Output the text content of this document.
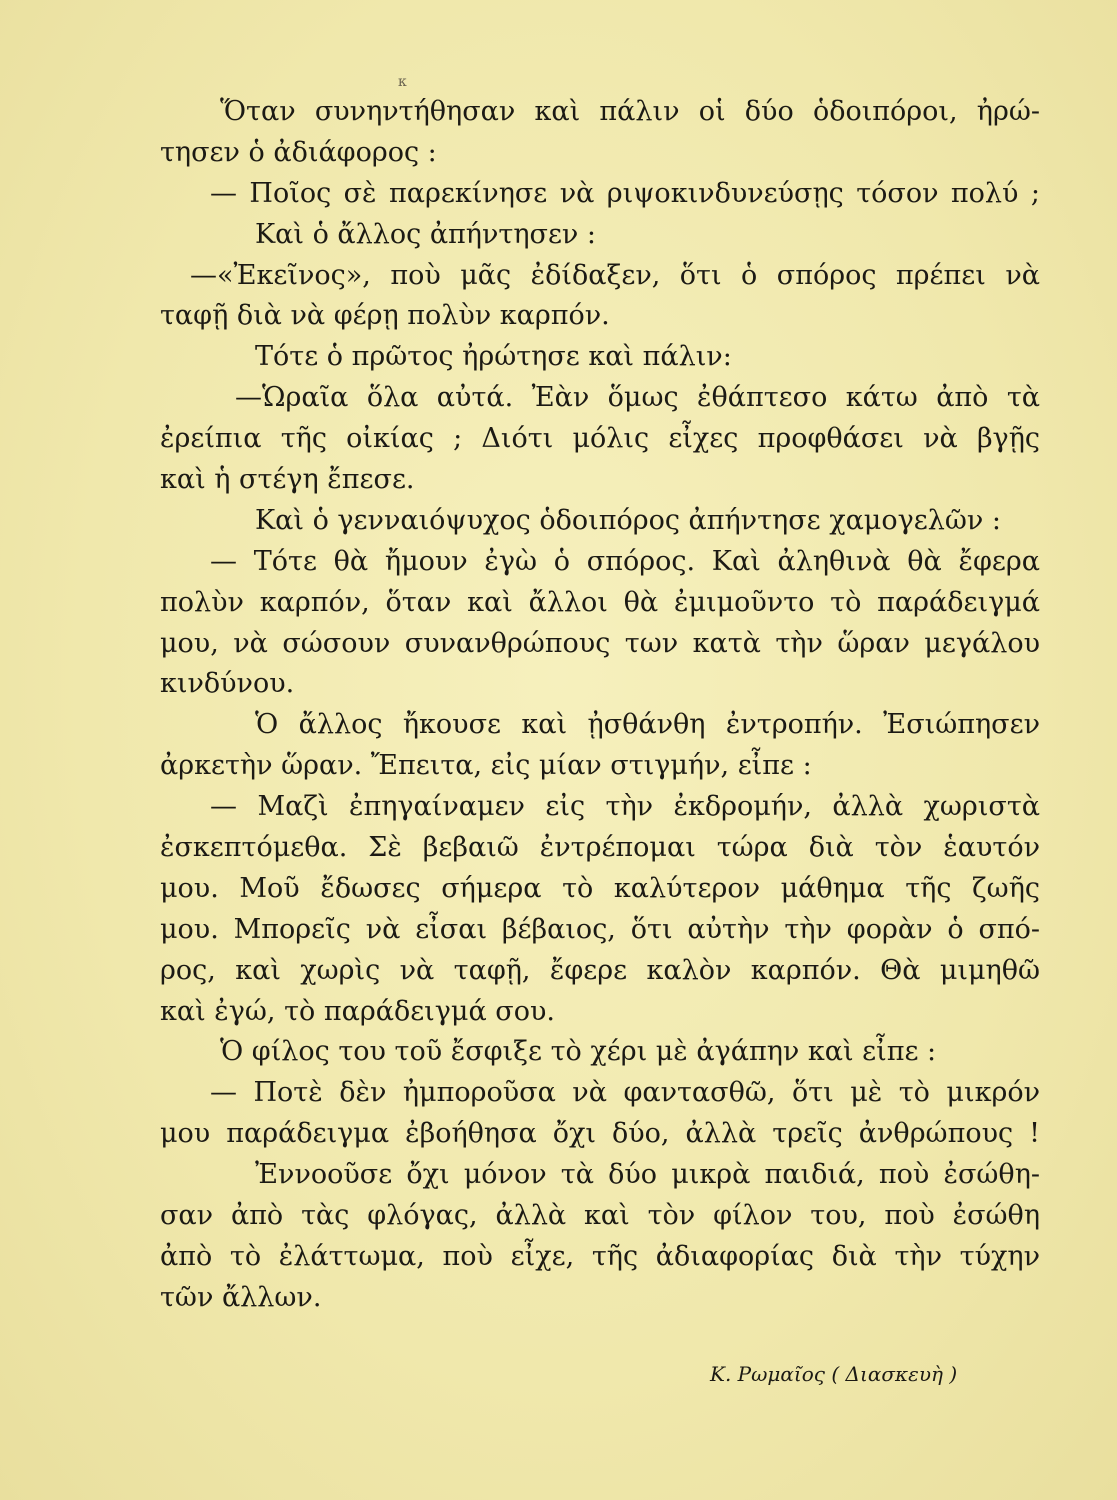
κ
Ὅταν συνηντήθησαν καὶ πάλιν οἱ δύο ὁδοιπόροι, ἠρώ-
τησεν ὁ ἀδιάφορος :
— Ποῖος σὲ παρεκίνησε νὰ ριψοκινδυνεύσῃς τόσον πολύ ;
Καὶ ὁ ἄλλος ἀπήντησεν :
—«Ἐκεῖνος», ποὺ μᾶς ἐδίδαξεν, ὅτι ὁ σπόρος πρέπει νὰ
ταφῇ διὰ νὰ φέρῃ πολὺν καρπόν.
Τότε ὁ πρῶτος ἠρώτησε καὶ πάλιν:
—Ὡραῖα ὅλα αὐτά. Ἐὰν ὅμως ἐθάπτεσο κάτω ἀπὸ τὰ
ἐρείπια τῆς οἰκίας ; Διότι μόλις εἶχες προφθάσει νὰ βγῇς
καὶ ἡ στέγη ἔπεσε.
Καὶ ὁ γενναιόψυχος ὁδοιπόρος ἀπήντησε χαμογελῶν :
— Τότε θὰ ἤμουν ἐγὼ ὁ σπόρος. Καὶ ἀληθινὰ θὰ ἔφερα
πολὺν καρπόν, ὅταν καὶ ἄλλοι θὰ ἐμιμοῦντο τὸ παράδειγμά
μου, νὰ σώσουν συνανθρώπους των κατὰ τὴν ὥραν μεγάλου
κινδύνου.
Ὁ ἄλλος ἤκουσε καὶ ᾐσθάνθη ἐντροπήν. Ἐσιώπησεν
ἀρκετὴν ὥραν. Ἔπειτα, εἰς μίαν στιγμήν, εἶπε :
— Μαζὶ ἐπηγαίναμεν εἰς τὴν ἐκδρομήν, ἀλλὰ χωριστὰ
ἐσκεπτόμεθα. Σὲ βεβαιῶ ἐντρέπομαι τώρα διὰ τὸν ἑαυτόν
μου. Μοῦ ἔδωσες σήμερα τὸ καλύτερον μάθημα τῆς ζωῆς
μου. Μπορεῖς νὰ εἶσαι βέβαιος, ὅτι αὐτὴν τὴν φορὰν ὁ σπό-
ρος, καὶ χωρὶς νὰ ταφῇ, ἔφερε καλὸν καρπόν. Θὰ μιμηθῶ
καὶ ἐγώ, τὸ παράδειγμά σου.
Ὁ φίλος του τοῦ ἔσφιξε τὸ χέρι μὲ ἀγάπην καὶ εἶπε :
— Ποτὲ δὲν ἠμποροῦσα νὰ φαντασθῶ, ὅτι μὲ τὸ μικρόν
μου παράδειγμα ἐβοήθησα ὄχι δύο, ἀλλὰ τρεῖς ἀνθρώπους !
Ἐννοοῦσε ὄχι μόνον τὰ δύο μικρὰ παιδιά, ποὺ ἐσώθη-
σαν ἀπὸ τὰς φλόγας, ἀλλὰ καὶ τὸν φίλον του, ποὺ ἐσώθη
ἀπὸ τὸ ἐλάττωμα, ποὺ εἶχε, τῆς ἀδιαφορίας διὰ τὴν τύχην
τῶν ἄλλων.
Κ. Ρωμαῖος ( Διασκευὴ )
